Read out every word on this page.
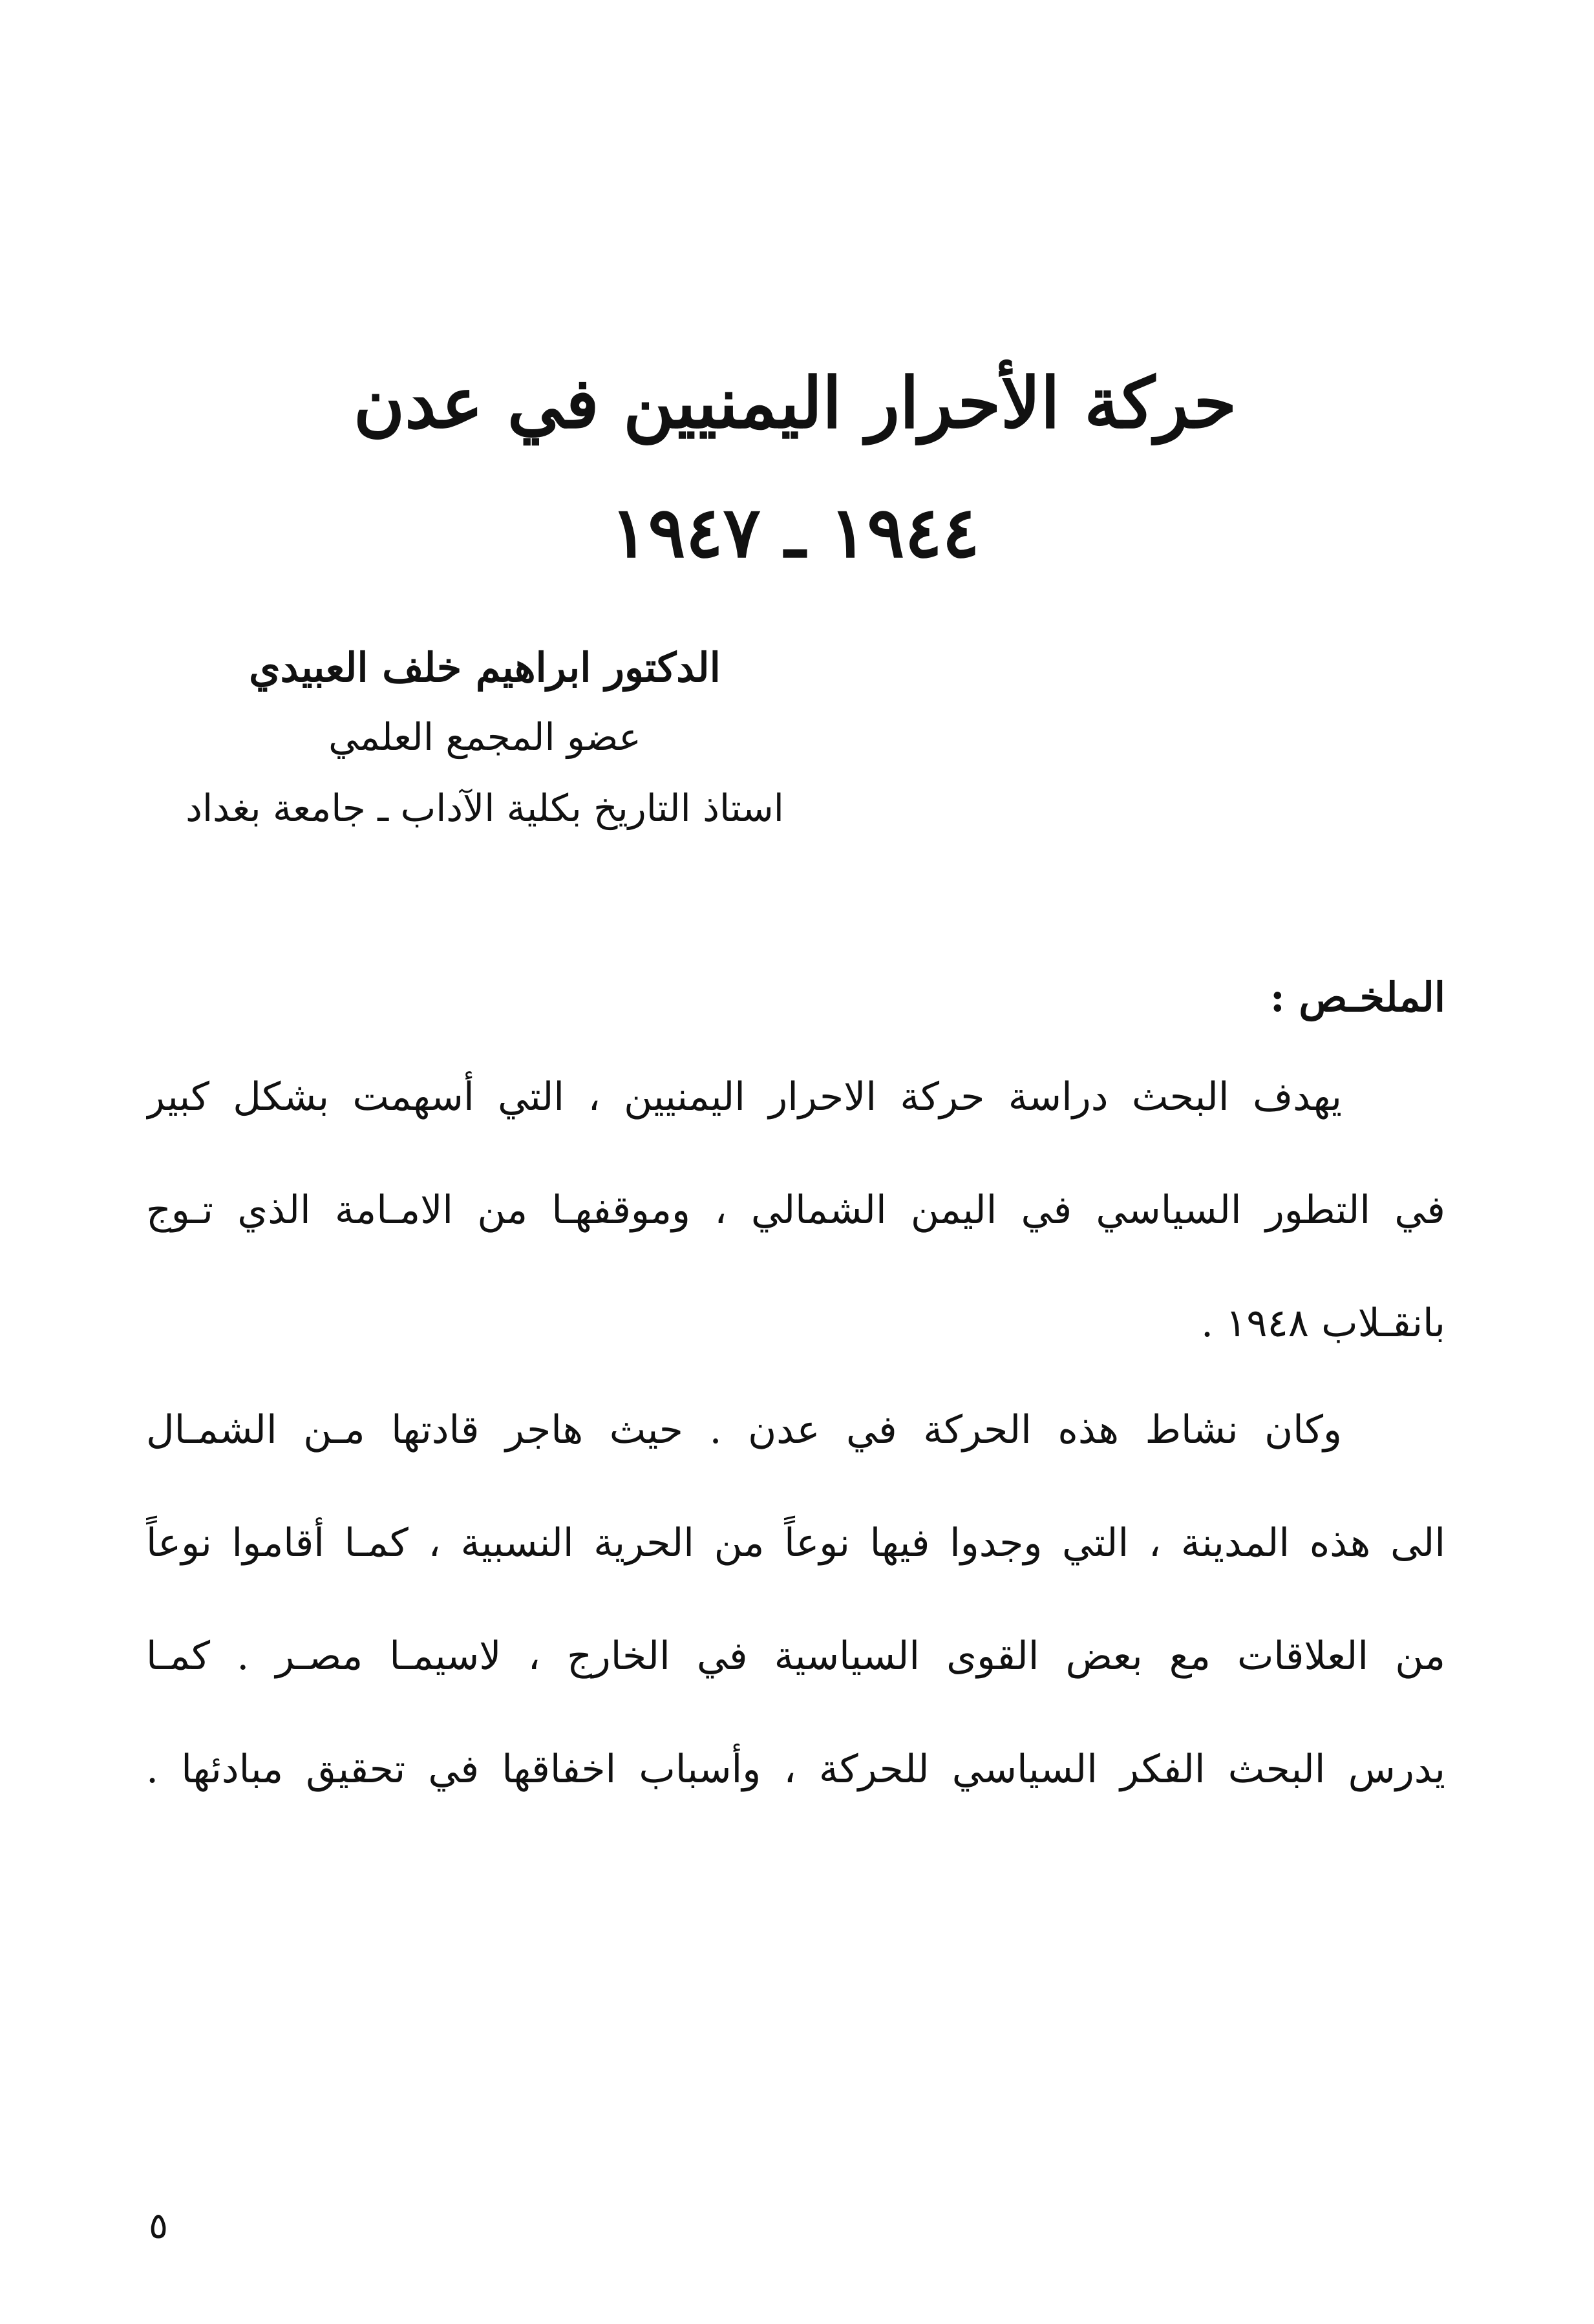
حركة الأحرار اليمنيين في عدن
١٩٤٤ ـ ١٩٤٧
الدكتور ابراهيم خلف العبيدي
عضو المجمع العلمي
استاذ التاريخ بكلية الآداب ـ جامعة بغداد
الملخـص :
يهدف البحث دراسة حركة الاحرار اليمنيين ، التي أسهمت بشكل كبير
في التطور السياسي في اليمن الشمالي ، وموقفهـا من الامـامة الذي تـوج
بانقـلاب ١٩٤٨ .
وكان نشاط هذه الحركة في عدن . حيث هاجر قادتها مـن الشمـال
الى هذه المدينة ، التي وجدوا فيها نوعاً من الحرية النسبية ، كمـا أقاموا نوعاً
من العلاقات مع بعض القوى السياسية في الخارج ، لاسيمـا مصـر . كمـا
يدرس البحث الفكر السياسي للحركة ، وأسباب اخفاقها في تحقيق مبادئها .
٥
